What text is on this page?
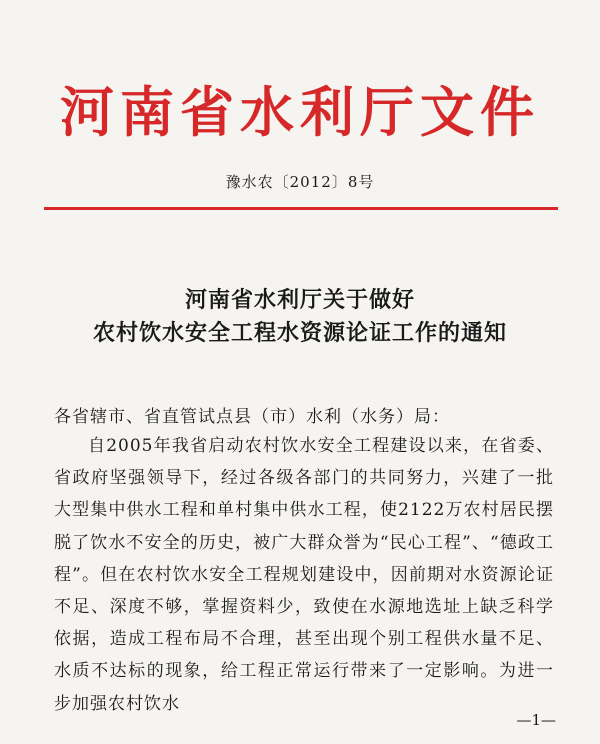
河南省水利厅文件
豫水农〔2012〕8号
河南省水利厅关于做好
农村饮水安全工程水资源论证工作的通知
各省辖市、省直管试点县（市）水利（水务）局：

自2005年我省启动农村饮水安全工程建设以来，在省委、省政府坚强领导下，经过各级各部门的共同努力，兴建了一批大型集中供水工程和单村集中供水工程，使2122万农村居民摆脱了饮水不安全的历史，被广大群众誉为“民心工程”、“德政工程”。但在农村饮水安全工程规划建设中，因前期对水资源论证不足、深度不够，掌握资料少，致使在水源地选址上缺乏科学依据，造成工程布局不合理，甚至出现个别工程供水量不足、水质不达标的现象，给工程正常运行带来了一定影响。为进一步加强农村饮水

—1—
